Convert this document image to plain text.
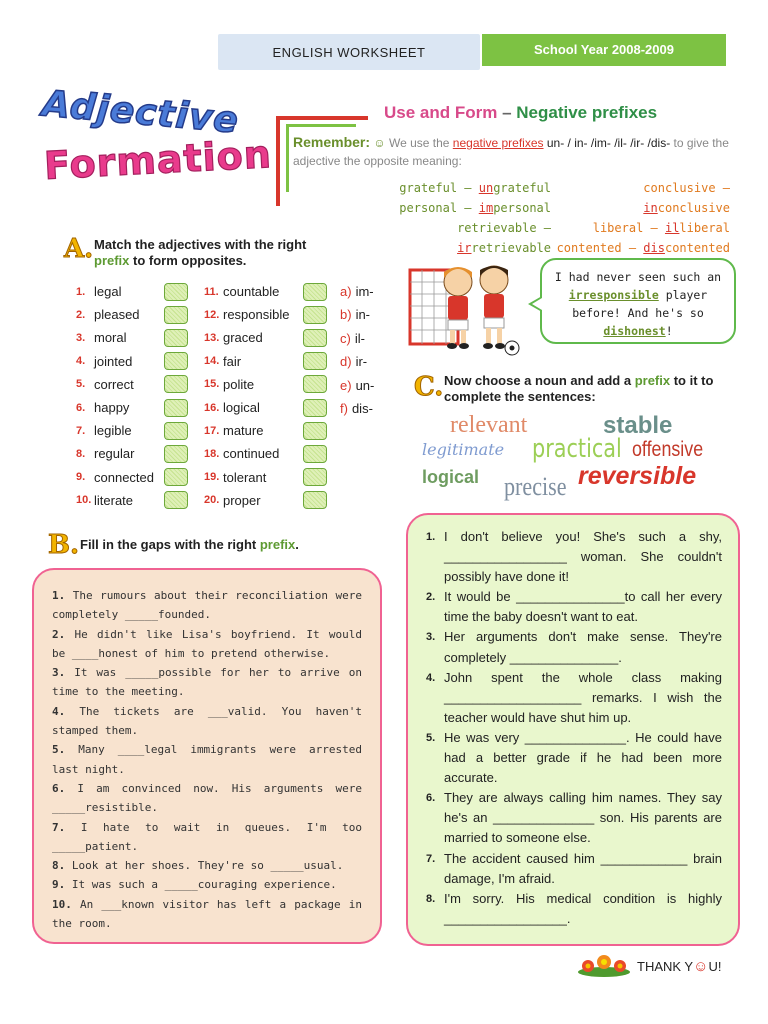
ENGLISH WORKSHEET	School Year 2008-2009
Adjective
Formation
Use and Form – Negative prefixes
Remember: ☺ We use the negative prefixes un- / in- /im- /il- /ir- /dis- to give the adjective the opposite meaning:
grateful – ungrateful
personal – impersonal
retrievable – irretrievable
conclusive – inconclusive
liberal – illiberal
contented – discontented
A. Match the adjectives with the right prefix to form opposites.
1. legal
2. pleased
3. moral
4. jointed
5. correct
6. happy
7. legible
8. regular
9. connected
10. literate
11. countable
12. responsible
13. graced
14. fair
15. polite
16. logical
17. mature
18. continued
19. tolerant
20. proper
a) im-
b) in-
c) il-
d) ir-
e) un-
f) dis-
I had never seen such an irresponsible player before! And he's so dishonest!
C. Now choose a noun and add a prefix to it to complete the sentences:
relevant	stable
legitimate practical offensive
logical precise reversible
B. Fill in the gaps with the right prefix.

1. The rumours about their reconciliation were completely _____founded.

2. He didn't like Lisa's boyfriend. It would be ____honest of him to pretend otherwise.

3. It was _____possible for her to arrive on time to the meeting.

4. The tickets are ___valid. You haven't stamped them.

5. Many ____legal immigrants were arrested last night.

6. I am convinced now. His arguments were _____resistible.

7. I hate to wait in queues. I'm too _____patient.

8. Look at her shoes. They're so _____usual.

9. It was such a _____couraging experience.

10. An ___known visitor has left a package in the room.

1. I don't believe you! She's such a shy, _________________ woman. She couldn't possibly have done it!
2. It would be _______________to call her every time the baby doesn't want to eat.
3. Her arguments don't make sense. They're completely _______________.
4. John spent the whole class making ___________________ remarks. I wish the teacher would have shut him up.
5. He was very ______________. He could have had a better grade if he had been more accurate.
6. They are always calling him names. They say he's an ______________ son. His parents are married to someone else.
7. The accident caused him ____________ brain damage, I'm afraid.
8. I'm sorry. His medical condition is highly _________________.
THANK Y☺U!
